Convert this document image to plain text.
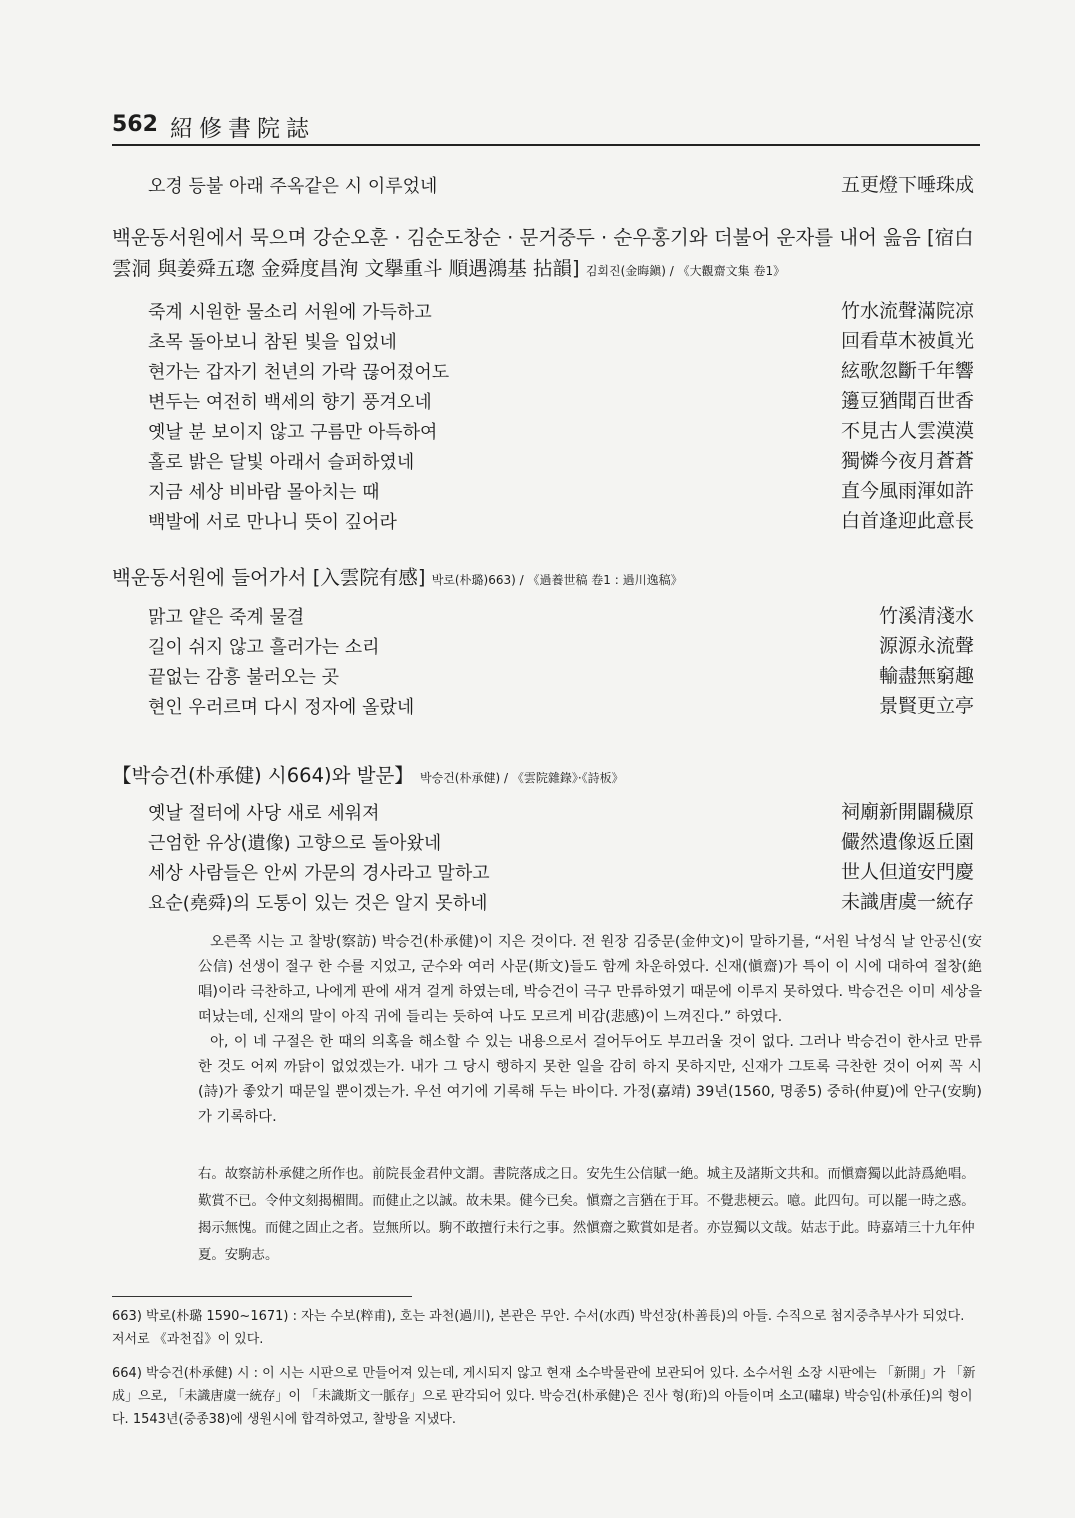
562 紹修書院誌
오경 등불 아래 주옥같은 시 이루었네	五更燈下唾珠成
백운동서원에서 묵으며 강순오훈 · 김순도창순 · 문거중두 · 순우홍기와 더불어 운자를 내어 읊음 [宿白雲洞 與姜舜五𤧚 金舜度昌洵 文擧重斗 順遇鴻基 拈韻] 김회진(金晦鎭) / 《大觀齋文集 卷1》
죽계 시원한 물소리 서원에 가득하고	竹水流聲滿院凉
초목 돌아보니 참된 빛을 입었네	回看草木被眞光
현가는 갑자기 천년의 가락 끊어졌어도	絃歌忽斷千年響
변두는 여전히 백세의 향기 풍겨오네	籩豆猶聞百世香
옛날 분 보이지 않고 구름만 아득하여	不見古人雲漠漠
홀로 밝은 달빛 아래서 슬퍼하였네	獨憐今夜月蒼蒼
지금 세상 비바람 몰아치는 때	直今風雨渾如許
백발에 서로 만나니 뜻이 깊어라	白首逢迎此意長
백운동서원에 들어가서 [入雲院有感] 박로(朴璐)663) / 《過養世稿 卷1 : 過川逸稿》
맑고 얕은 죽계 물결	竹溪清淺水
길이 쉬지 않고 흘러가는 소리	源源永流聲
끝없는 감흥 불러오는 곳	輸盡無窮趣
현인 우러르며 다시 정자에 올랐네	景賢更立亭
【박승건(朴承健) 시664)와 발문】 박승건(朴承健) / 《雲院雜錄》·《詩板》
옛날 절터에 사당 새로 세워져	祠廟新開闢穢原
근엄한 유상(遺像) 고향으로 돌아왔네	儼然遺像返丘園
세상 사람들은 안씨 가문의 경사라고 말하고	世人但道安門慶
요순(堯舜)의 도통이 있는 것은 알지 못하네	未識唐虞一統存

오른쪽 시는 고 찰방(察訪) 박승건(朴承健)이 지은 것이다. 전 원장 김중문(金仲文)이 말하기를, “서원 낙성식 날 안공신(安公信) 선생이 절구 한 수를 지었고, 군수와 여러 사문(斯文)들도 함께 차운하였다. 신재(愼齋)가 특이 이 시에 대하여 절창(絶唱)이라 극찬하고, 나에게 판에 새겨 걸게 하였는데, 박승건이 극구 만류하였기 때문에 이루지 못하였다. 박승건은 이미 세상을 떠났는데, 신재의 말이 아직 귀에 들리는 듯하여 나도 모르게 비감(悲感)이 느껴진다.” 하였다.

아, 이 네 구절은 한 때의 의혹을 해소할 수 있는 내용으로서 걸어두어도 부끄러울 것이 없다. 그러나 박승건이 한사코 만류한 것도 어찌 까닭이 없었겠는가. 내가 그 당시 행하지 못한 일을 감히 하지 못하지만, 신재가 그토록 극찬한 것이 어찌 꼭 시(詩)가 좋았기 때문일 뿐이겠는가. 우선 여기에 기록해 두는 바이다. 가정(嘉靖) 39년(1560, 명종5) 중하(仲夏)에 안구(安駒)가 기록하다.

右。故察訪朴承健之所作也。前院長金君仲文謂。書院落成之日。安先生公信賦一絶。城主及諸斯文共和。而愼齋獨以此詩爲絶唱。歎賞不已。令仲文刻揭楣間。而健止之以誠。故未果。健今已矣。愼齋之言猶在于耳。不覺悲梗云。噫。此四句。可以罷一時之惑。揭示無愧。而健之固止之者。豈無所以。駒不敢擅行未行之事。然愼齋之歎賞如是者。亦豈獨以文哉。姑志于此。時嘉靖三十九年仲夏。安駒志。
663) 박로(朴璐 1590~1671) : 자는 수보(粹甫), 호는 과천(過川), 본관은 무안. 수서(水西) 박선장(朴善長)의 아들. 수직으로 첨지중추부사가 되었다. 저서로 《과천집》이 있다.
664) 박승건(朴承健) 시 : 이 시는 시판으로 만들어져 있는데, 게시되지 않고 현재 소수박물관에 보관되어 있다. 소수서원 소장 시판에는 「新開」가 「新成」으로, 「未識唐虞一統存」이 「未識斯文一脈存」으로 판각되어 있다. 박승건(朴承健)은 진사 형(珩)의 아들이며 소고(嘯皐) 박승임(朴承任)의 형이다. 1543년(중종38)에 생원시에 합격하였고, 찰방을 지냈다.
